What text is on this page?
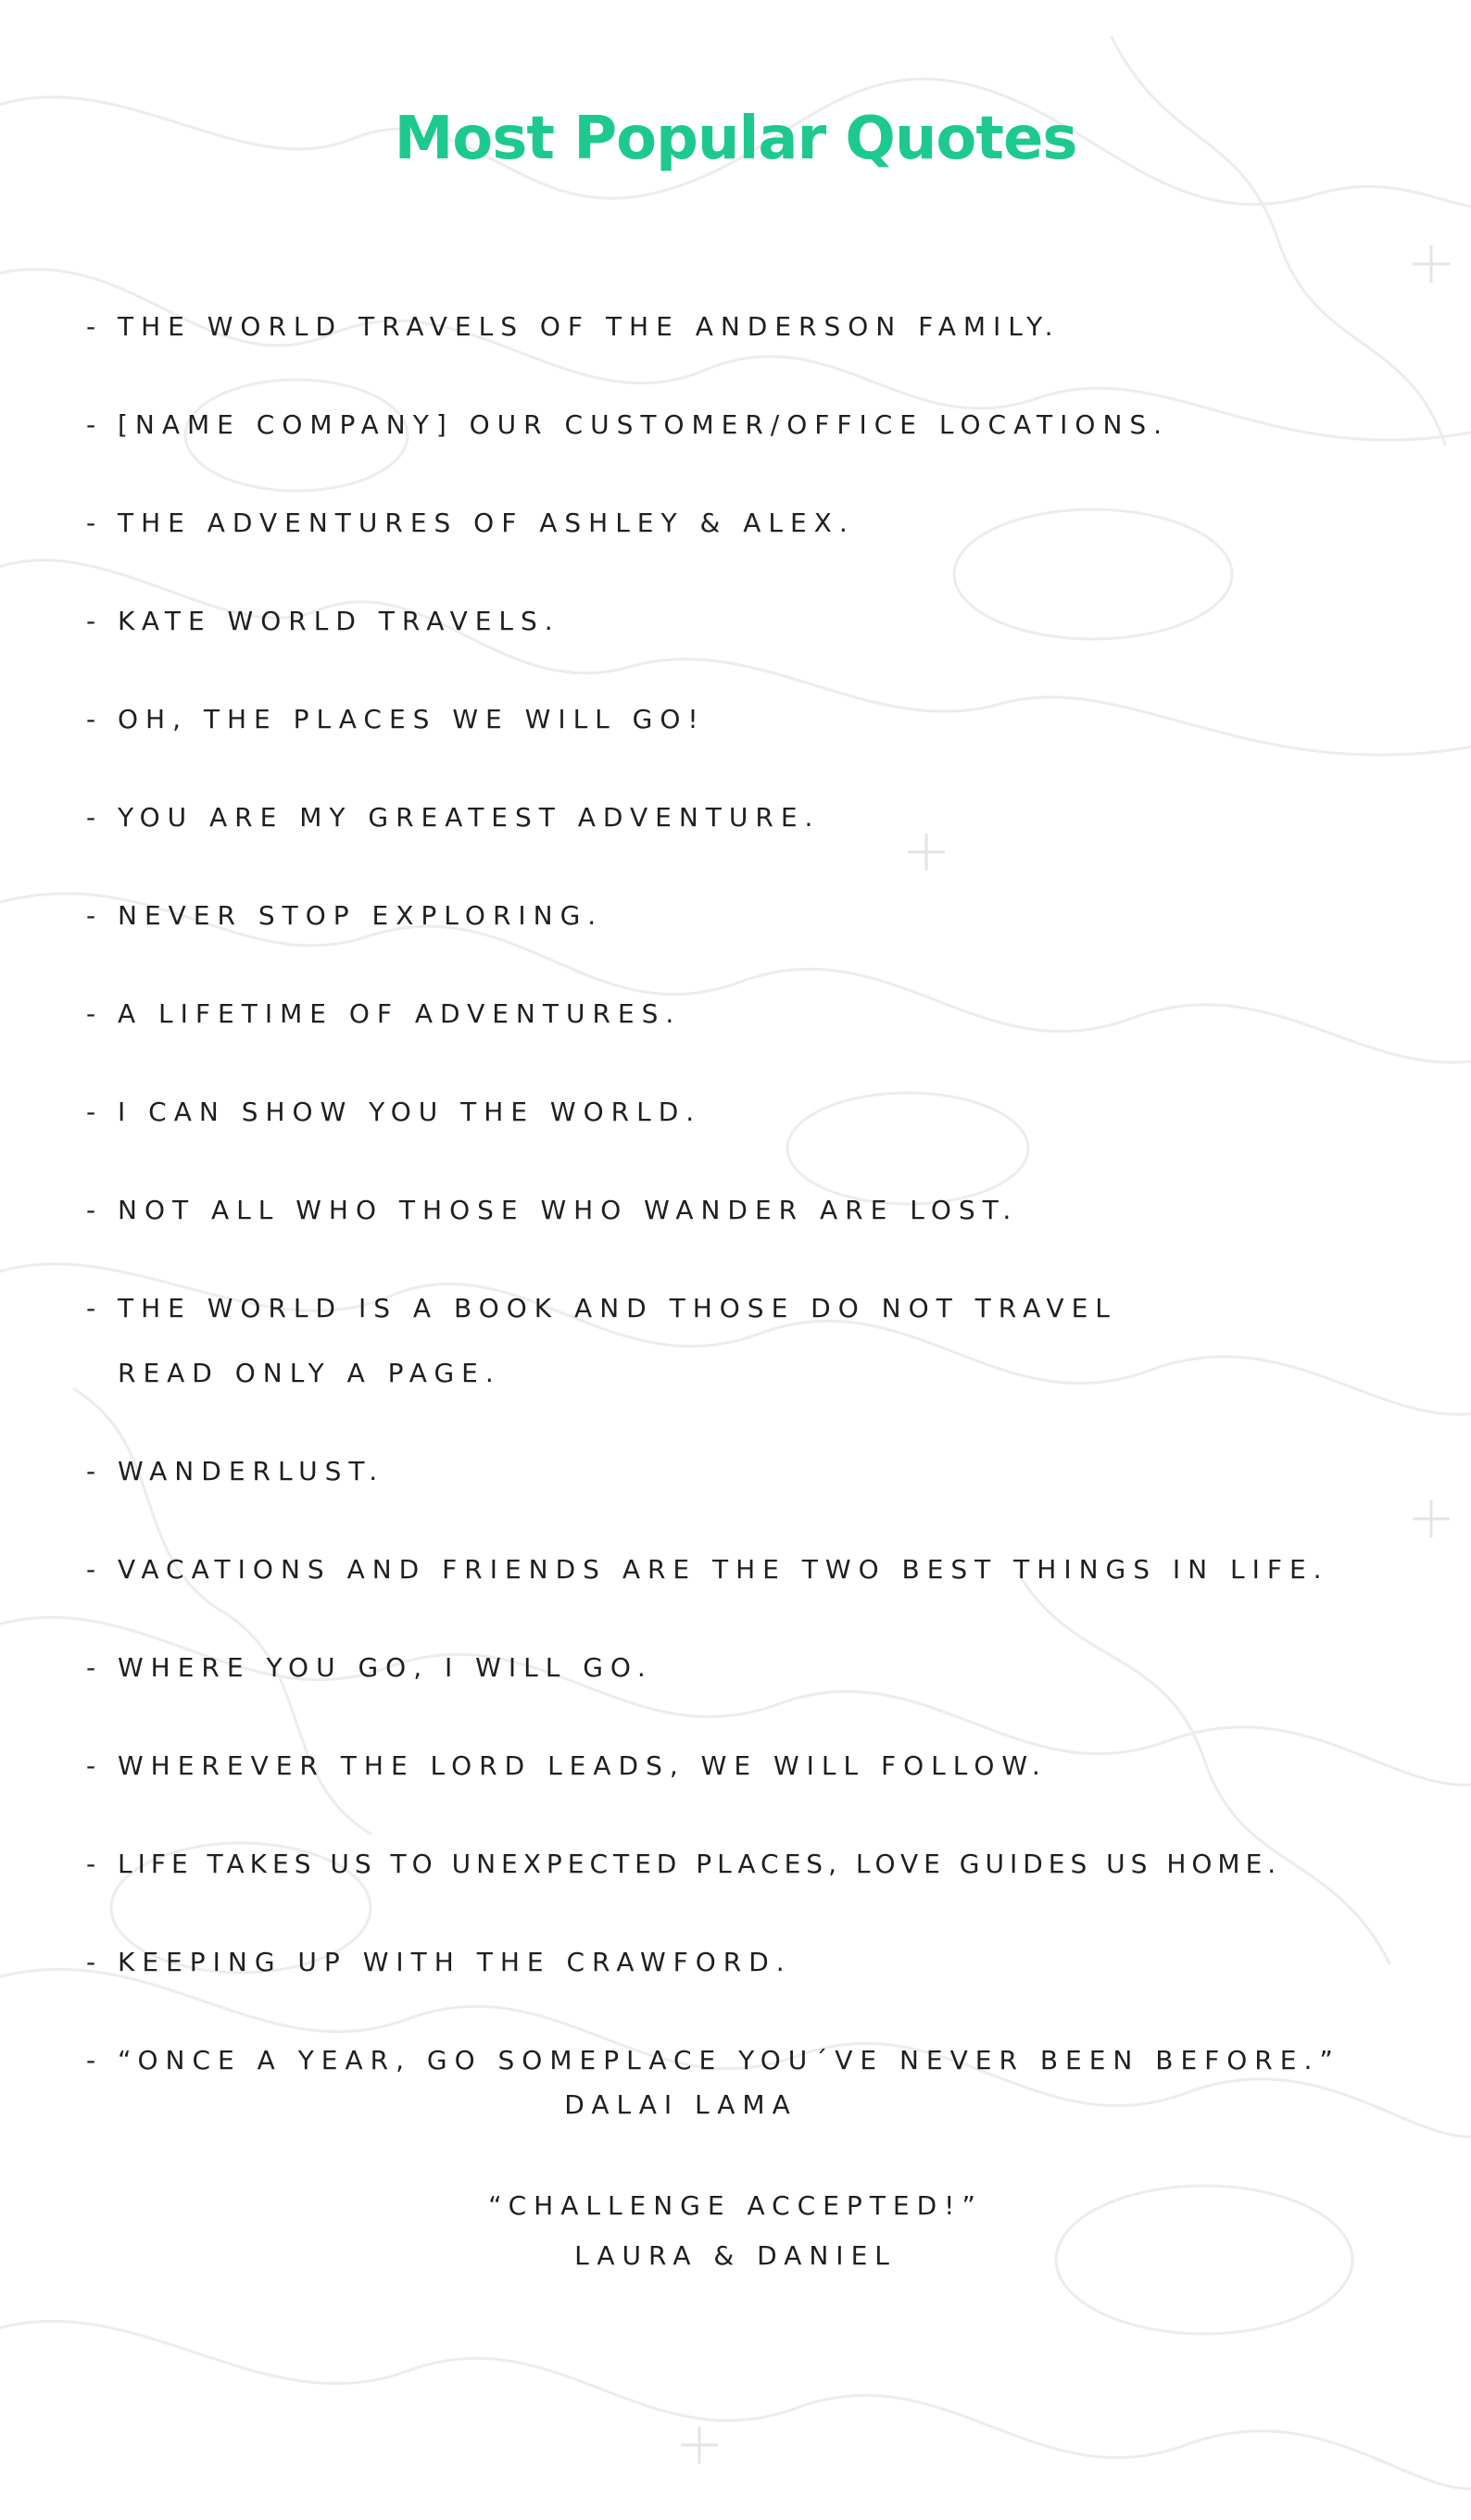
Most Popular Quotes
- THE WORLD TRAVELS OF THE ANDERSON FAMILY.
- [NAME COMPANY] OUR CUSTOMER/OFFICE LOCATIONS.
- THE ADVENTURES OF ASHLEY & ALEX.
- KATE WORLD TRAVELS.
- OH, THE PLACES WE WILL GO!
- YOU ARE MY GREATEST ADVENTURE.
- NEVER STOP EXPLORING.
- A LIFETIME OF ADVENTURES.
- I CAN SHOW YOU THE WORLD.
- NOT ALL WHO THOSE WHO WANDER ARE LOST.
- THE WORLD IS A BOOK AND THOSE DO NOT TRAVEL READ ONLY A PAGE.
- WANDERLUST.
- VACATIONS AND FRIENDS ARE THE TWO BEST THINGS IN LIFE.
- WHERE YOU GO, I WILL GO.
- WHEREVER THE LORD LEADS, WE WILL FOLLOW.
- LIFE TAKES US TO UNEXPECTED PLACES, LOVE GUIDES US HOME.
- KEEPING UP WITH THE CRAWFORD.
- “ONCE A YEAR, GO SOMEPLACE YOU´VE NEVER BEEN BEFORE.”
DALAI LAMA
“CHALLENGE ACCEPTED!”
LAURA & DANIEL
